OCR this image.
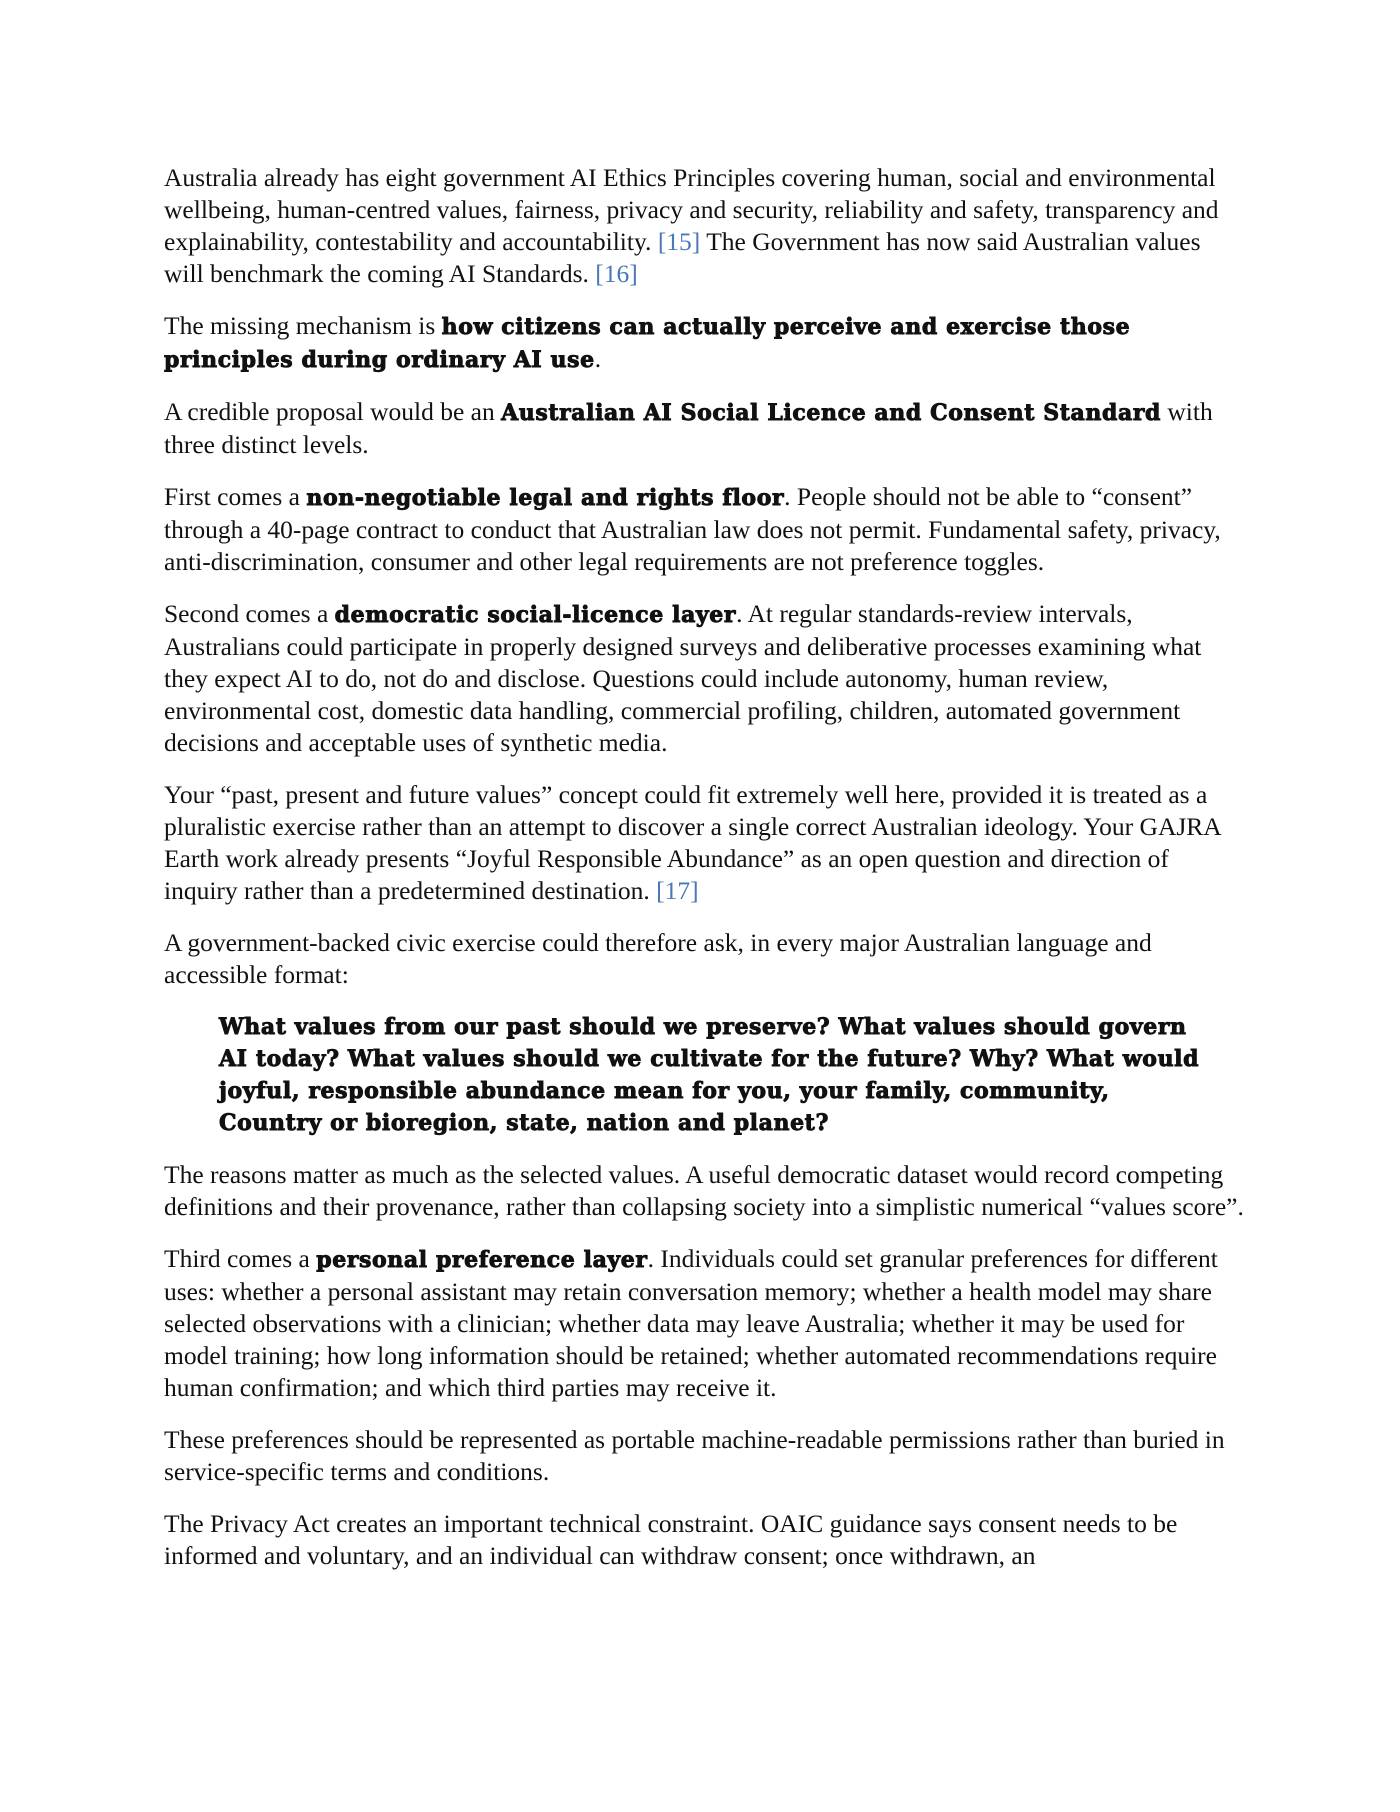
Australia already has eight government AI Ethics Principles covering human, social and environmental wellbeing, human-centred values, fairness, privacy and security, reliability and safety, transparency and explainability, contestability and accountability. [15] The Government has now said Australian values will benchmark the coming AI Standards. [16]

The missing mechanism is how citizens can actually perceive and exercise those principles during ordinary AI use.

A credible proposal would be an Australian AI Social Licence and Consent Standard with three distinct levels.

First comes a non-negotiable legal and rights floor. People should not be able to “consent” through a 40-page contract to conduct that Australian law does not permit. Fundamental safety, privacy, anti-discrimination, consumer and other legal requirements are not preference toggles.

Second comes a democratic social-licence layer. At regular standards-review intervals, Australians could participate in properly designed surveys and deliberative processes examining what they expect AI to do, not do and disclose. Questions could include autonomy, human review, environmental cost, domestic data handling, commercial profiling, children, automated government decisions and acceptable uses of synthetic media.

Your “past, present and future values” concept could fit extremely well here, provided it is treated as a pluralistic exercise rather than an attempt to discover a single correct Australian ideology. Your GAJRA Earth work already presents “Joyful Responsible Abundance” as an open question and direction of inquiry rather than a predetermined destination. [17]

A government-backed civic exercise could therefore ask, in every major Australian language and accessible format:

What values from our past should we preserve? What values should govern AI today? What values should we cultivate for the future? Why? What would joyful, responsible abundance mean for you, your family, community, Country or bioregion, state, nation and planet?

The reasons matter as much as the selected values. A useful democratic dataset would record competing definitions and their provenance, rather than collapsing society into a simplistic numerical “values score”.

Third comes a personal preference layer. Individuals could set granular preferences for different uses: whether a personal assistant may retain conversation memory; whether a health model may share selected observations with a clinician; whether data may leave Australia; whether it may be used for model training; how long information should be retained; whether automated recommendations require human confirmation; and which third parties may receive it.

These preferences should be represented as portable machine-readable permissions rather than buried in service-specific terms and conditions.

The Privacy Act creates an important technical constraint. OAIC guidance says consent needs to be informed and voluntary, and an individual can withdraw consent; once withdrawn, an
